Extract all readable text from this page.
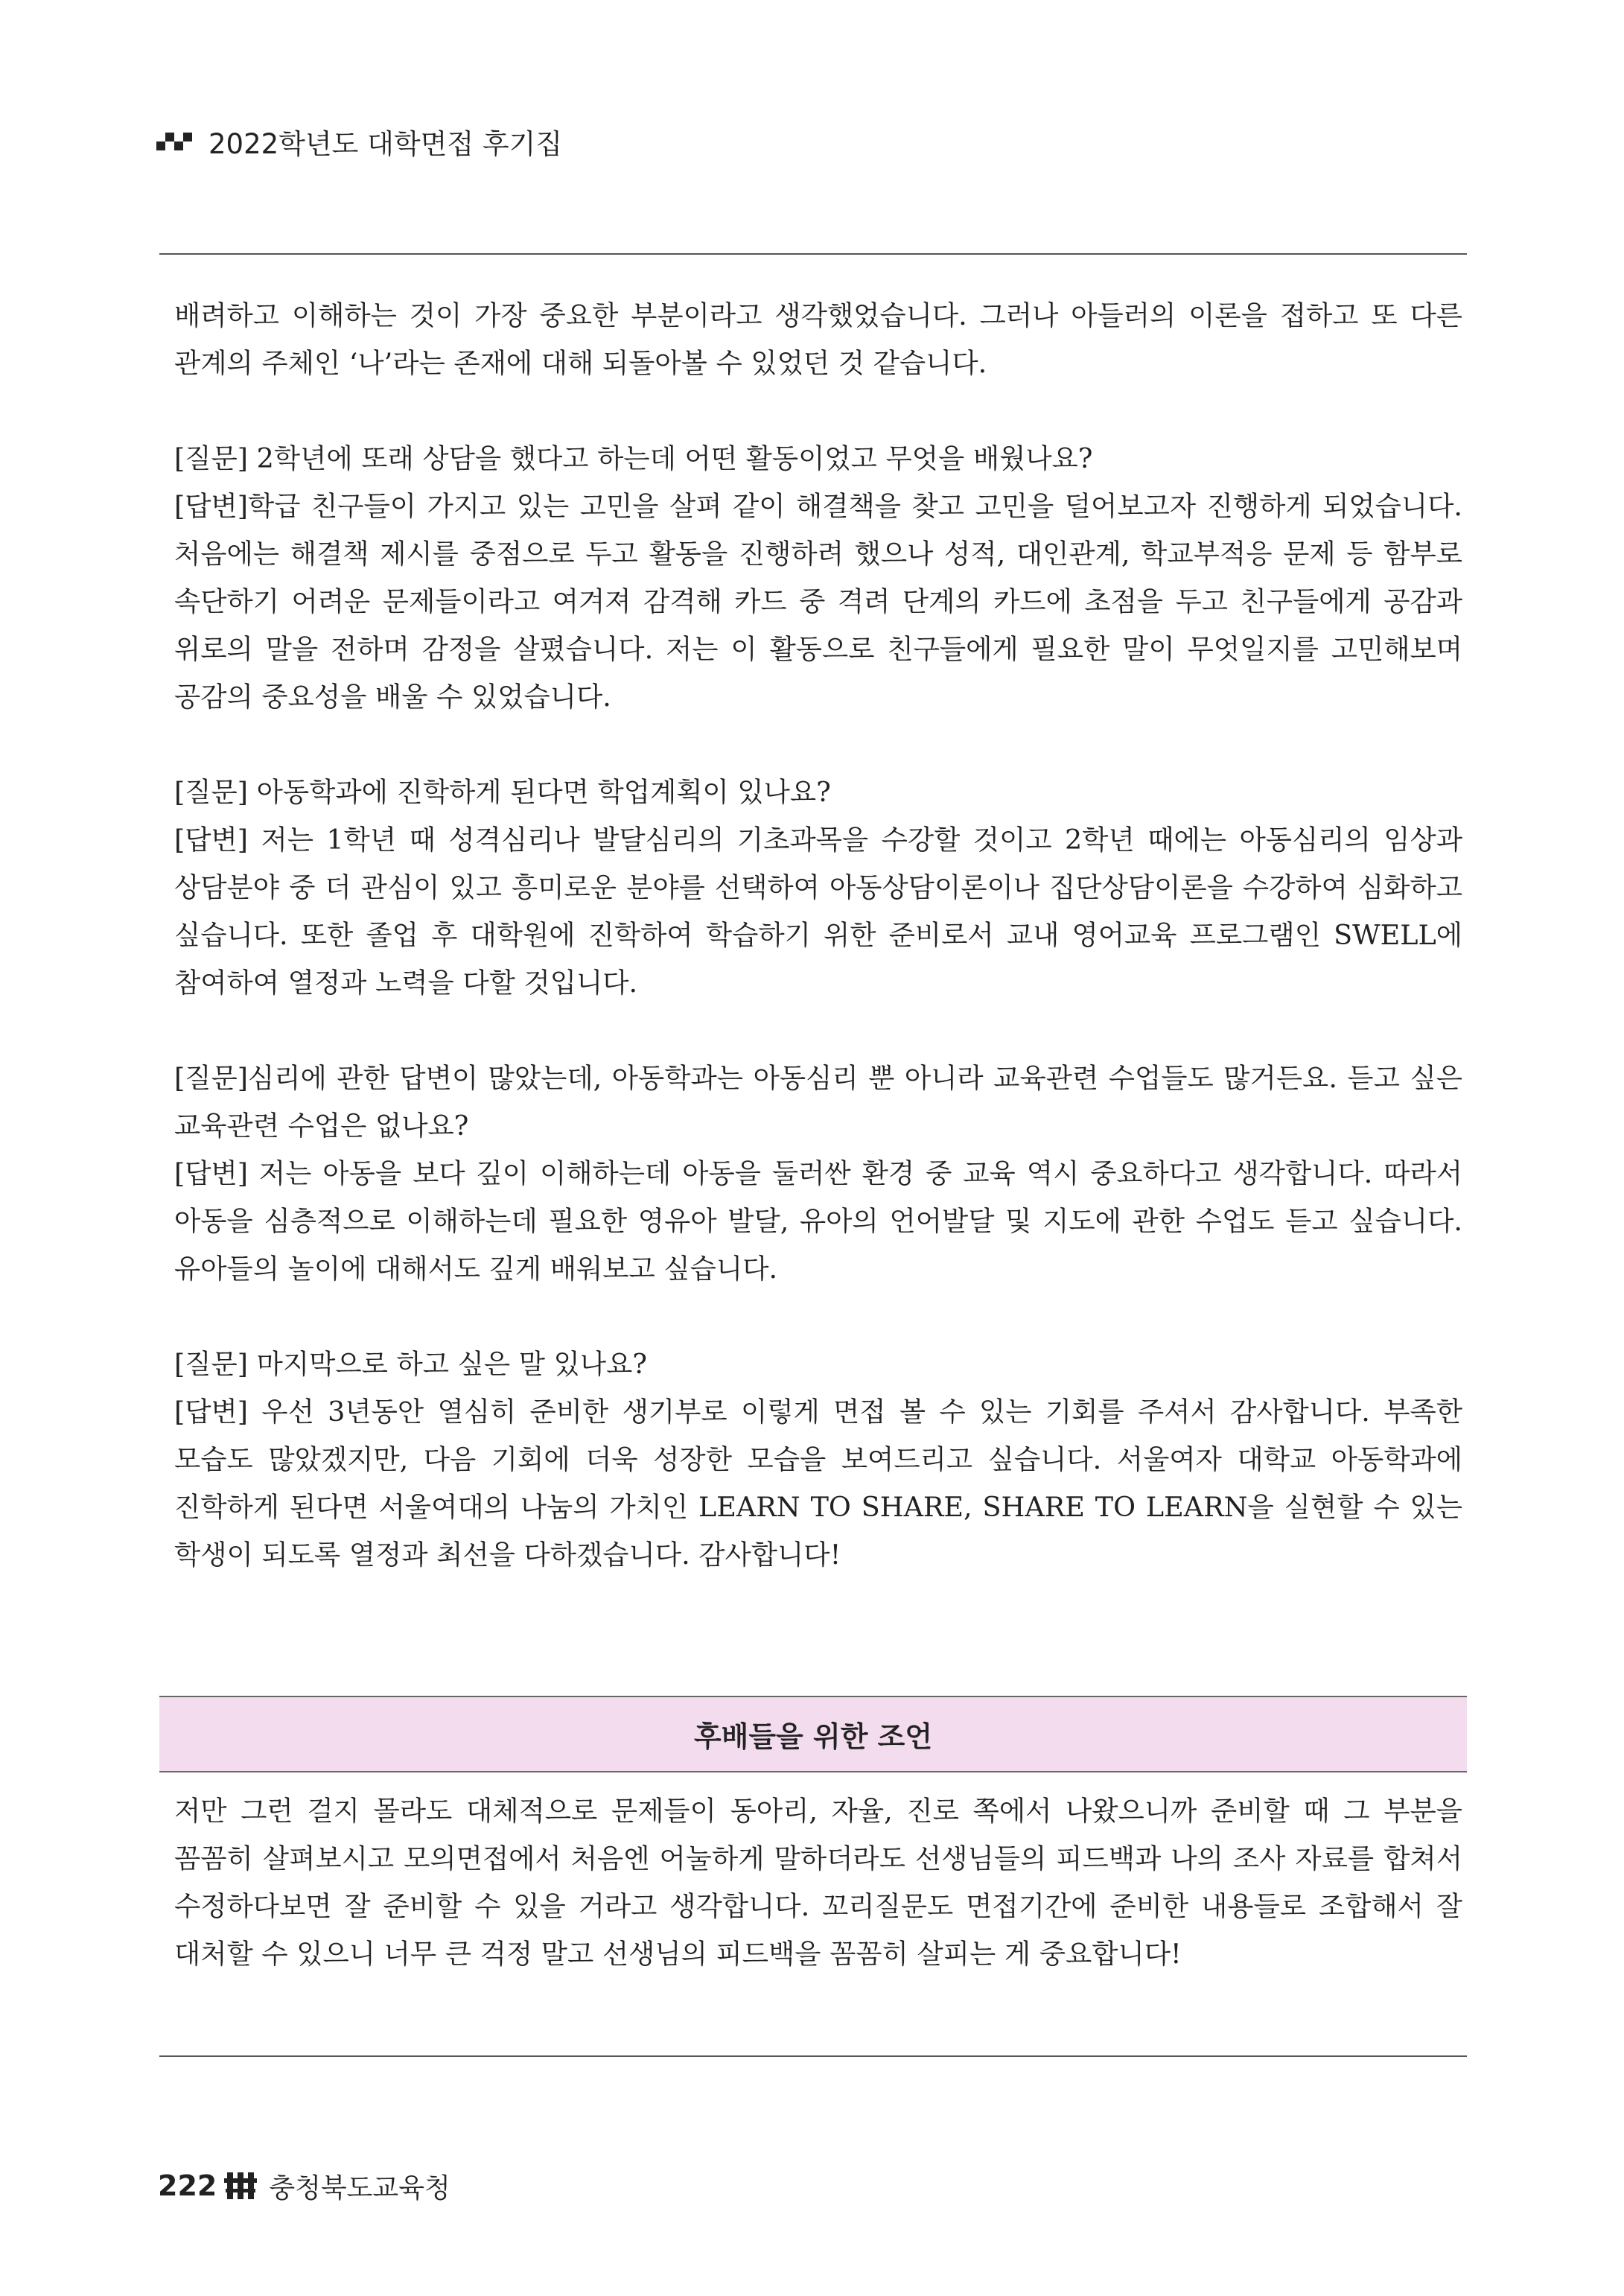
2022학년도 대학면접 후기집

배려하고 이해하는 것이 가장 중요한 부분이라고 생각했었습니다. 그러나 아들러의 이론을 접하고 또 다른 관계의 주체인 ‘나’라는 존재에 대해 되돌아볼 수 있었던 것 같습니다.

[질문] 2학년에 또래 상담을 했다고 하는데 어떤 활동이었고 무엇을 배웠나요?

[답변]학급 친구들이 가지고 있는 고민을 살펴 같이 해결책을 찾고 고민을 덜어보고자 진행하게 되었습니다. 처음에는 해결책 제시를 중점으로 두고 활동을 진행하려 했으나 성적, 대인관계, 학교부적응 문제 등 함부로 속단하기 어려운 문제들이라고 여겨져 감격해 카드 중 격려 단계의 카드에 초점을 두고 친구들에게 공감과 위로의 말을 전하며 감정을 살폈습니다. 저는 이 활동으로 친구들에게 필요한 말이 무엇일지를 고민해보며 공감의 중요성을 배울 수 있었습니다.

[질문] 아동학과에 진학하게 된다면 학업계획이 있나요?

[답변] 저는 1학년 때 성격심리나 발달심리의 기초과목을 수강할 것이고 2학년 때에는 아동심리의 임상과 상담분야 중 더 관심이 있고 흥미로운 분야를 선택하여 아동상담이론이나 집단상담이론을 수강하여 심화하고 싶습니다. 또한 졸업 후 대학원에 진학하여 학습하기 위한 준비로서 교내 영어교육 프로그램인 SWELL에 참여하여 열정과 노력을 다할 것입니다.

[질문]심리에 관한 답변이 많았는데, 아동학과는 아동심리 뿐 아니라 교육관련 수업들도 많거든요. 듣고 싶은 교육관련 수업은 없나요?

[답변] 저는 아동을 보다 깊이 이해하는데 아동을 둘러싼 환경 중 교육 역시 중요하다고 생각합니다. 따라서 아동을 심층적으로 이해하는데 필요한 영유아 발달, 유아의 언어발달 및 지도에 관한 수업도 듣고 싶습니다. 유아들의 놀이에 대해서도 깊게 배워보고 싶습니다.

[질문] 마지막으로 하고 싶은 말 있나요?

[답변] 우선 3년동안 열심히 준비한 생기부로 이렇게 면접 볼 수 있는 기회를 주셔서 감사합니다. 부족한 모습도 많았겠지만, 다음 기회에 더욱 성장한 모습을 보여드리고 싶습니다. 서울여자 대학교 아동학과에 진학하게 된다면 서울여대의 나눔의 가치인 LEARN TO SHARE, SHARE TO LEARN을 실현할 수 있는 학생이 되도록 열정과 최선을 다하겠습니다. 감사합니다!

후배들을 위한 조언

저만 그런 걸지 몰라도 대체적으로 문제들이 동아리, 자율, 진로 쪽에서 나왔으니까 준비할 때 그 부분을 꼼꼼히 살펴보시고 모의면접에서 처음엔 어눌하게 말하더라도 선생님들의 피드백과 나의 조사 자료를 합쳐서 수정하다보면 잘 준비할 수 있을 거라고 생각합니다. 꼬리질문도 면접기간에 준비한 내용들로 조합해서 잘 대처할 수 있으니 너무 큰 걱정 말고 선생님의 피드백을 꼼꼼히 살피는 게 중요합니다!

222 충청북도교육청
